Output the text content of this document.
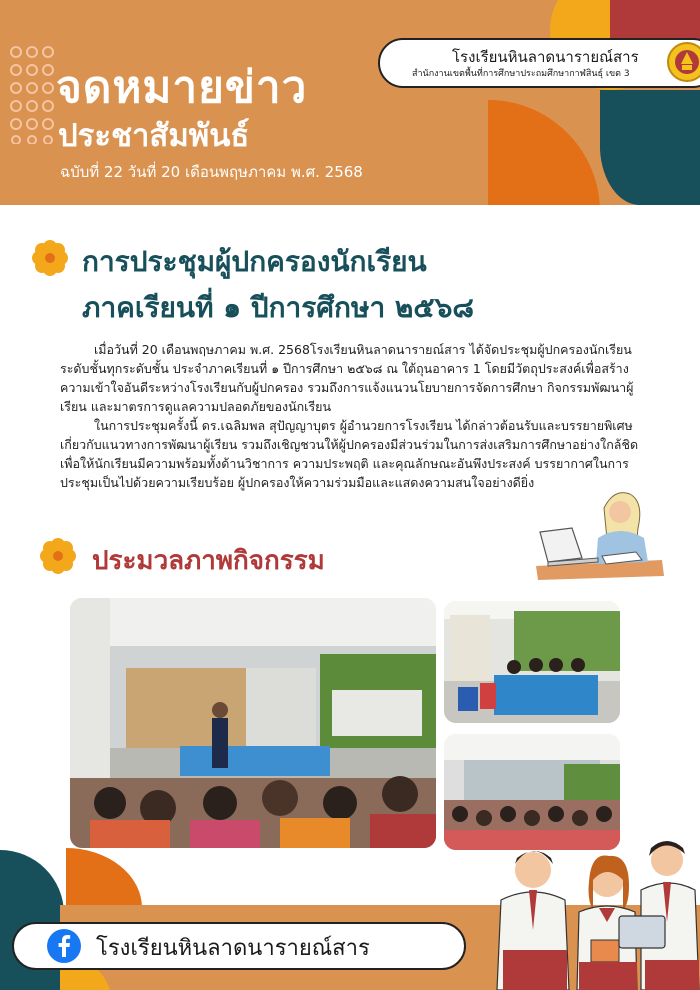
จดหมายข่าว
ประชาสัมพันธ์
ฉบับที่ 22 วันที่ 20 เดือนพฤษภาคม พ.ศ. 2568
โรงเรียนหินลาดนารายณ์สาร
สำนักงานเขตพื้นที่การศึกษาประถมศึกษากาฬสินธุ์ เขต 3
การประชุมผู้ปกครองนักเรียน
ภาคเรียนที่ ๑ ปีการศึกษา ๒๕๖๘

เมื่อวันที่ 20 เดือนพฤษภาคม พ.ศ. 2568โรงเรียนหินลาดนารายณ์สาร ได้จัดประชุมผู้ปกครองนักเรียน ระดับชั้นทุกระดับชั้น ประจำภาคเรียนที่ ๑ ปีการศึกษา ๒๕๖๘ ณ ใต้ถุนอาคาร 1 โดยมีวัตถุประสงค์เพื่อสร้างความเข้าใจอันดีระหว่างโรงเรียนกับผู้ปกครอง รวมถึงการแจ้งแนวนโยบายการจัดการศึกษา กิจกรรมพัฒนาผู้เรียน และมาตรการดูแลความปลอดภัยของนักเรียน

ในการประชุมครั้งนี้ ดร.เฉลิมพล สุปัญญาบุตร ผู้อำนวยการโรงเรียน ได้กล่าวต้อนรับและบรรยายพิเศษเกี่ยวกับแนวทางการพัฒนาผู้เรียน รวมถึงเชิญชวนให้ผู้ปกครองมีส่วนร่วมในการส่งเสริมการศึกษาอย่างใกล้ชิด เพื่อให้นักเรียนมีความพร้อมทั้งด้านวิชาการ ความประพฤติ และคุณลักษณะอันพึงประสงค์ บรรยากาศในการประชุมเป็นไปด้วยความเรียบร้อย ผู้ปกครองให้ความร่วมมือและแสดงความสนใจอย่างดียิ่ง

ประมวลภาพกิจกรรม
โรงเรียนหินลาดนารายณ์สาร
